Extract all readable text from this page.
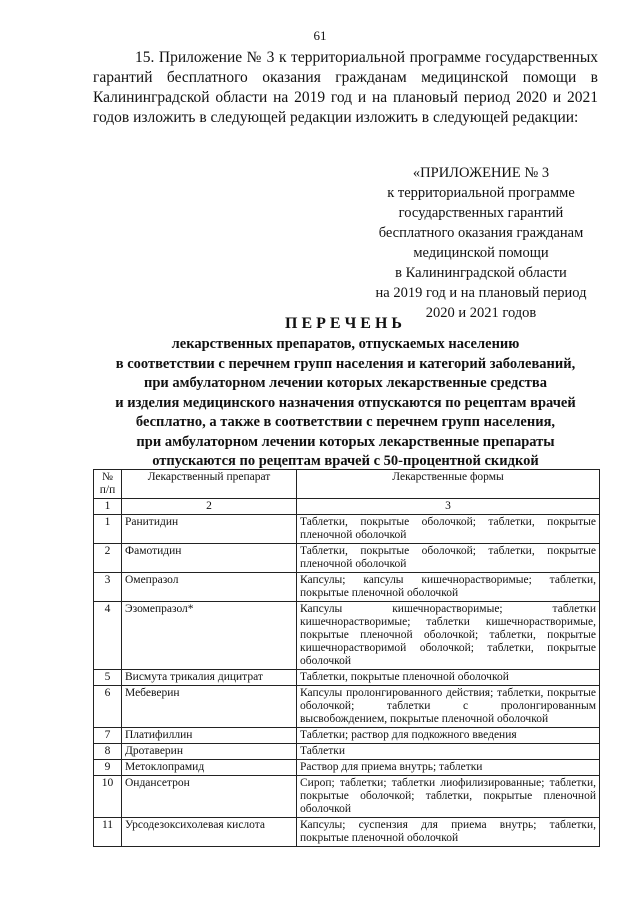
61

15. Приложение № 3 к территориальной программе государственных гарантий бесплатного оказания гражданам медицинской помощи в Калининградской области на 2019 год и на плановый период 2020 и 2021 годов изложить в следующей редакции изложить в следующей редакции:

«ПРИЛОЖЕНИЕ № 3
к территориальной программе
государственных гарантий
бесплатного оказания гражданам
медицинской помощи
в Калининградской области
на 2019 год и на плановый период
2020 и 2021 годов
ПЕРЕЧЕНЬ
лекарственных препаратов, отпускаемых населению
в соответствии с перечнем групп населения и категорий заболеваний,
при амбулаторном лечении которых лекарственные средства
и изделия медицинского назначения отпускаются по рецептам врачей
бесплатно, а также в соответствии с перечнем групп населения,
при амбулаторном лечении которых лекарственные препараты
отпускаются по рецептам врачей с 50-процентной скидкой
№ п/п	Лекарственный препарат	Лекарственные формы

1	2	3
1	Ранитидин	Таблетки, покрытые оболочкой; таблетки, покрытые пленочной оболочкой
2	Фамотидин	Таблетки, покрытые оболочкой; таблетки, покрытые пленочной оболочкой
3	Омепразол	Капсулы; капсулы кишечнорастворимые; таблетки, покрытые пленочной оболочкой
4	Эзомепразол*	Капсулы кишечнорастворимые; таблетки кишечнорастворимые; таблетки кишечнорастворимые, покрытые пленочной оболочкой; таблетки, покрытые кишечнорастворимой оболочкой; таблетки, покрытые оболочкой
5	Висмута трикалия дицитрат	Таблетки, покрытые пленочной оболочкой
6	Мебеверин	Капсулы пролонгированного действия; таблетки, покрытые оболочкой; таблетки с пролонгированным высвобождением, покрытые пленочной оболочкой
7	Платифиллин	Таблетки; раствор для подкожного введения
8	Дротаверин	Таблетки
9	Метоклопрамид	Раствор для приема внутрь; таблетки
10	Ондансетрон	Сироп; таблетки; таблетки лиофилизированные; таблетки, покрытые оболочкой; таблетки, покрытые пленочной оболочкой
11	Урсодезоксихолевая кислота	Капсулы; суспензия для приема внутрь; таблетки, покрытые пленочной оболочкой
